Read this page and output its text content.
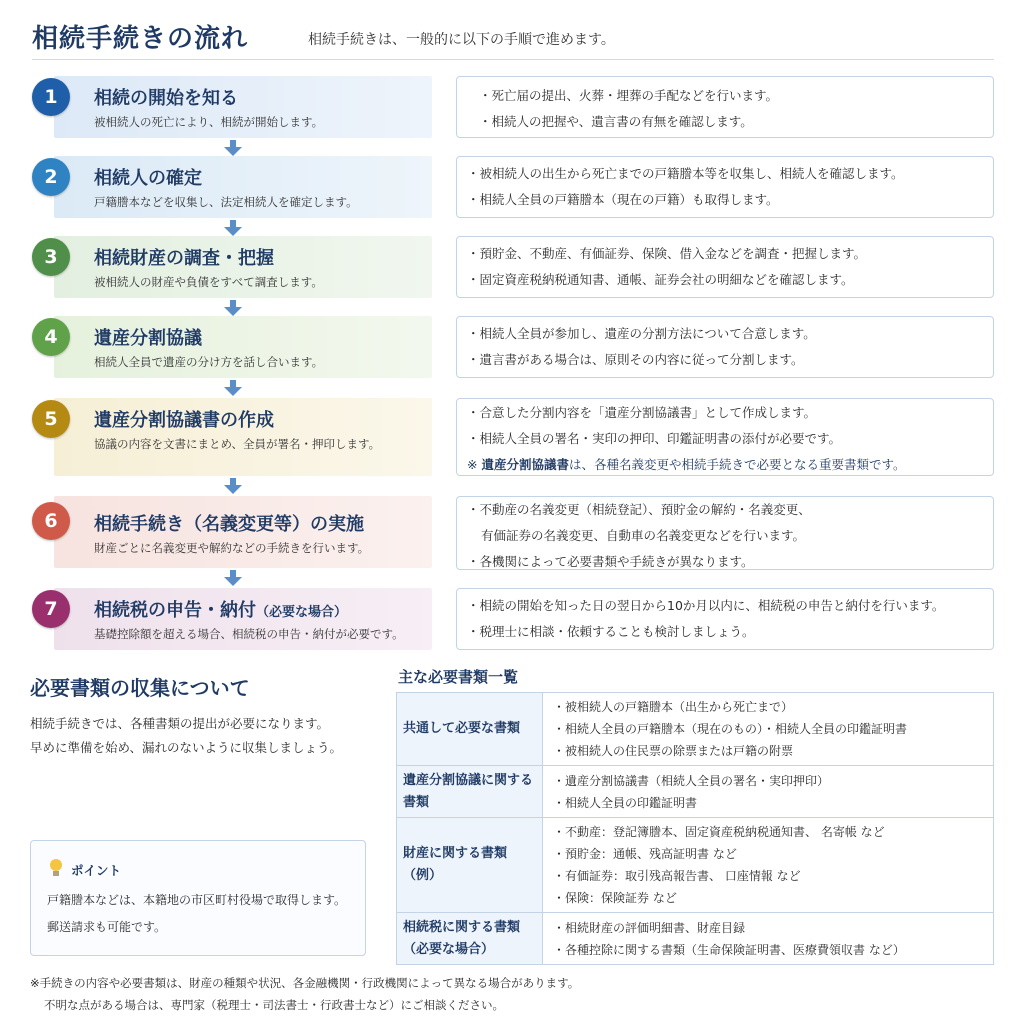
相続手続きの流れ	相続手続きは、一般的に以下の手順で進めます。
1	相続の開始を知る
被相続人の死亡により、相続が開始します。
・死亡届の提出、火葬・埋葬の手配などを行います。
・相続人の把握や、遺言書の有無を確認します。
2	相続人の確定
戸籍謄本などを収集し、法定相続人を確定します。
・被相続人の出生から死亡までの戸籍謄本等を収集し、相続人を確認します。
・相続人全員の戸籍謄本（現在の戸籍）も取得します。
3	相続財産の調査・把握
被相続人の財産や負債をすべて調査します。
・預貯金、不動産、有価証券、保険、借入金などを調査・把握します。
・固定資産税納税通知書、通帳、証券会社の明細などを確認します。
4	遺産分割協議
相続人全員で遺産の分け方を話し合います。
・相続人全員が参加し、遺産の分割方法について合意します。
・遺言書がある場合は、原則その内容に従って分割します。
5	遺産分割協議書の作成
協議の内容を文書にまとめ、全員が署名・押印します。
・合意した分割内容を「遺産分割協議書」として作成します。
・相続人全員の署名・実印の押印、印鑑証明書の添付が必要です。
※ 遺産分割協議書は、各種名義変更や相続手続きで必要となる重要書類です。
6	相続手続き（名義変更等）の実施
財産ごとに名義変更や解約などの手続きを行います。
・不動産の名義変更（相続登記）、預貯金の解約・名義変更、
有価証券の名義変更、自動車の名義変更などを行います。
・各機関によって必要書類や手続きが異なります。
7	相続税の申告・納付（必要な場合）
基礎控除額を超える場合、相続税の申告・納付が必要です。
・相続の開始を知った日の翌日から10か月以内に、相続税の申告と納付を行います。
・税理士に相談・依頼することも検討しましょう。
必要書類の収集について
相続手続きでは、各種書類の提出が必要になります。
早めに準備を始め、漏れのないように収集しましょう。
ポイント
戸籍謄本などは、本籍地の市区町村役場で取得します。
郵送請求も可能です。
主な必要書類一覧
共通して必要な書類	・被相続人の戸籍謄本（出生から死亡まで）
・相続人全員の戸籍謄本（現在のもの）・相続人全員の印鑑証明書
・被相続人の住民票の除票または戸籍の附票

遺産分割協議に関する書類	・遺産分割協議書（相続人全員の署名・実印押印）
・相続人全員の印鑑証明書

財産に関する書類（例）	・不動産：登記簿謄本、固定資産税納税通知書、 名寄帳 など
・預貯金：通帳、残高証明書 など
・有価証券：取引残高報告書、 口座情報 など
・保険：保険証券 など

相続税に関する書類（必要な場合）	・相続財産の評価明細書、財産目録
・各種控除に関する書類（生命保険証明書、医療費領収書 など）
※手続きの内容や必要書類は、財産の種類や状況、各金融機関・行政機関によって異なる場合があります。
不明な点がある場合は、専門家（税理士・司法書士・行政書士など）にご相談ください。
